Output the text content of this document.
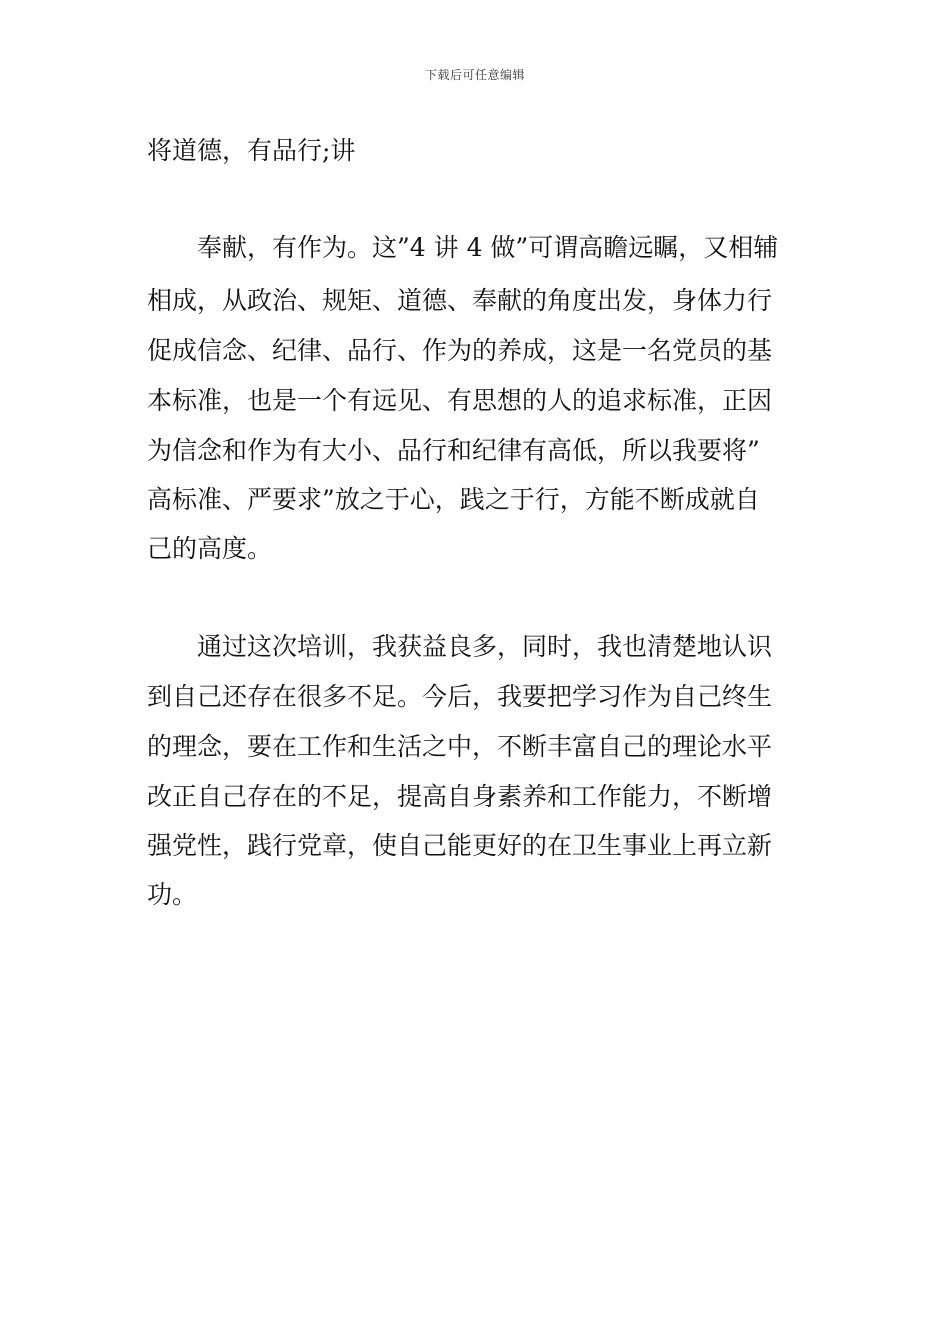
下载后可任意编辑
将道德，有品行;讲
奉献，有作为。这”4 讲 4 做”可谓高瞻远瞩，又相辅
相成，从政治、规矩、道德、奉献的角度出发，身体力行
促成信念、纪律、品行、作为的养成，这是一名党员的基
本标准，也是一个有远见、有思想的人的追求标准，正因
为信念和作为有大小、品行和纪律有高低，所以我要将”
高标准、严要求”放之于心，践之于行，方能不断成就自
己的高度。
通过这次培训，我获益良多，同时，我也清楚地认识
到自己还存在很多不足。今后，我要把学习作为自己终生
的理念，要在工作和生活之中，不断丰富自己的理论水平
改正自己存在的不足，提高自身素养和工作能力，不断增
强党性，践行党章，使自己能更好的在卫生事业上再立新
功。
